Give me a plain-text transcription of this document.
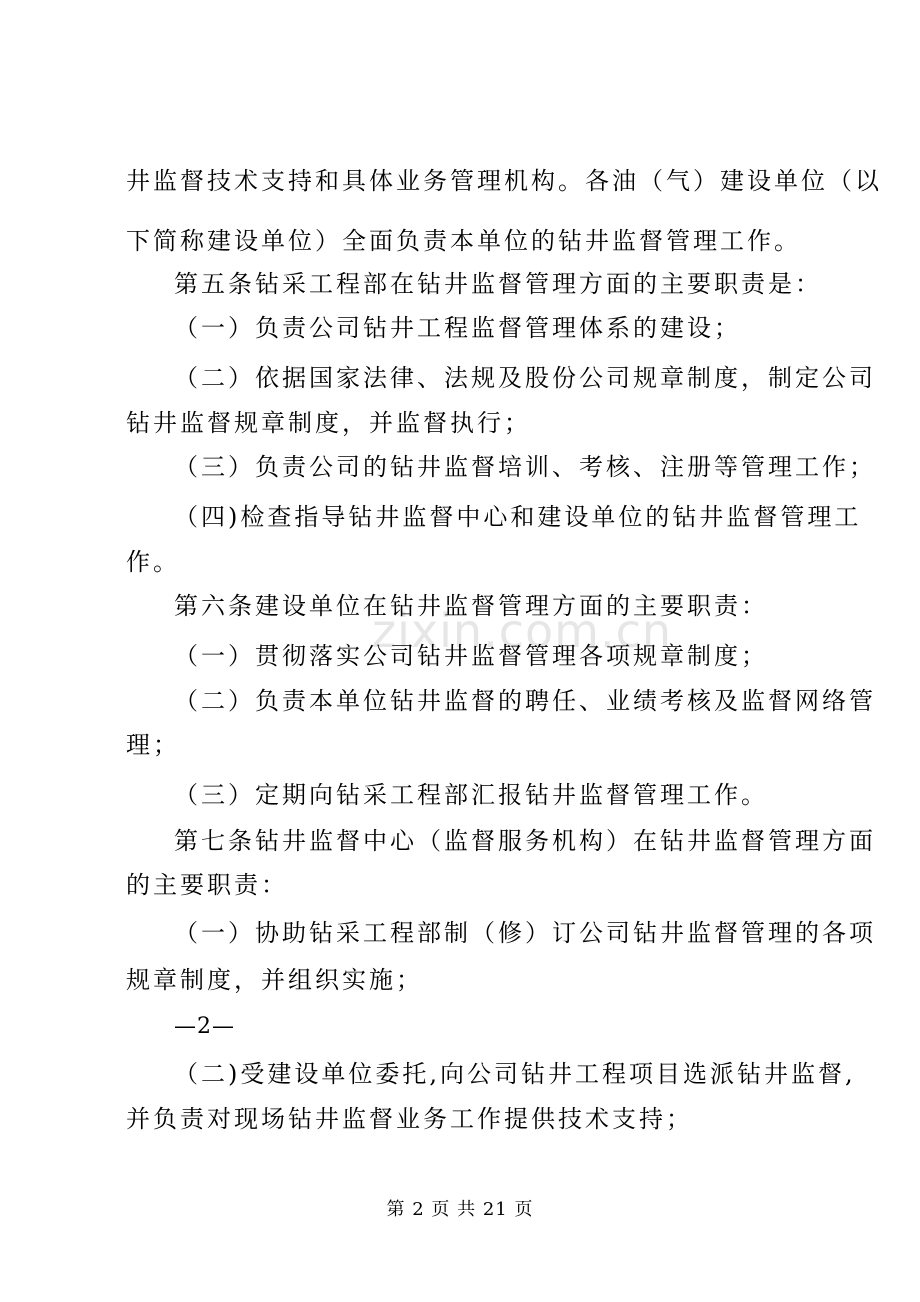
zixin.com.cn
井监督技术支持和具体业务管理机构。各油（气）建设单位（以
下简称建设单位）全面负责本单位的钻井监督管理工作。
第五条钻采工程部在钻井监督管理方面的主要职责是：
（一）负责公司钻井工程监督管理体系的建设；
（二）依据国家法律、法规及股份公司规章制度，制定公司
钻井监督规章制度，并监督执行；
（三）负责公司的钻井监督培训、考核、注册等管理工作；
（四)检查指导钻井监督中心和建设单位的钻井监督管理工
作。
第六条建设单位在钻井监督管理方面的主要职责：
（一）贯彻落实公司钻井监督管理各项规章制度；
（二）负责本单位钻井监督的聘任、业绩考核及监督网络管
理；
（三）定期向钻采工程部汇报钻井监督管理工作。
第七条钻井监督中心（监督服务机构）在钻井监督管理方面
的主要职责：
（一）协助钻采工程部制（修）订公司钻井监督管理的各项
规章制度，并组织实施；
—2—
（二)受建设单位委托,向公司钻井工程项目选派钻井监督,
并负责对现场钻井监督业务工作提供技术支持；
第 2 页 共 21 页
